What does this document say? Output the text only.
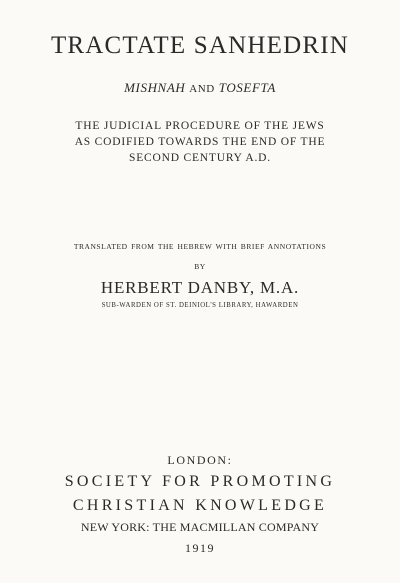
TRACTATE SANHEDRIN
MISHNAH AND TOSEFTA
THE JUDICIAL PROCEDURE OF THE JEWS
AS CODIFIED TOWARDS THE END OF THE
SECOND CENTURY A.D.
TRANSLATED FROM THE HEBREW WITH BRIEF ANNOTATIONS
BY
HERBERT DANBY, M.A.
SUB-WARDEN OF ST. DEINIOL'S LIBRARY, HAWARDEN
LONDON:
SOCIETY FOR PROMOTING
CHRISTIAN KNOWLEDGE
NEW YORK: THE MACMILLAN COMPANY
1919
